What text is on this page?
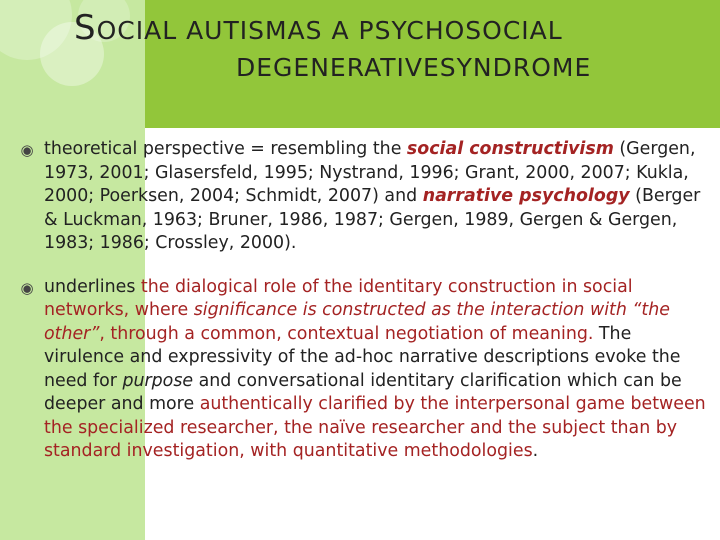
SOCIAL AUTISMAS A PSYCHOSOCIAL
DEGENERATIVESYNDROME
◉ theoretical perspective = resembling the social constructivism (Gergen, 1973, 2001; Glasersfeld, 1995; Nystrand, 1996; Grant, 2000, 2007; Kukla, 2000; Poerksen, 2004; Schmidt, 2007) and narrative psychology (Berger & Luckman, 1963; Bruner, 1986, 1987; Gergen, 1989, Gergen & Gergen, 1983; 1986; Crossley, 2000).
◉ underlines the dialogical role of the identitary construction in social networks, where significance is constructed as the interaction with “the other”, through a common, contextual negotiation of meaning. The virulence and expressivity of the ad-hoc narrative descriptions evoke the need for purpose and conversational identitary clarification which can be deeper and more authentically clarified by the interpersonal game between the specialized researcher, the naïve researcher and the subject than by standard investigation, with quantitative methodologies.
